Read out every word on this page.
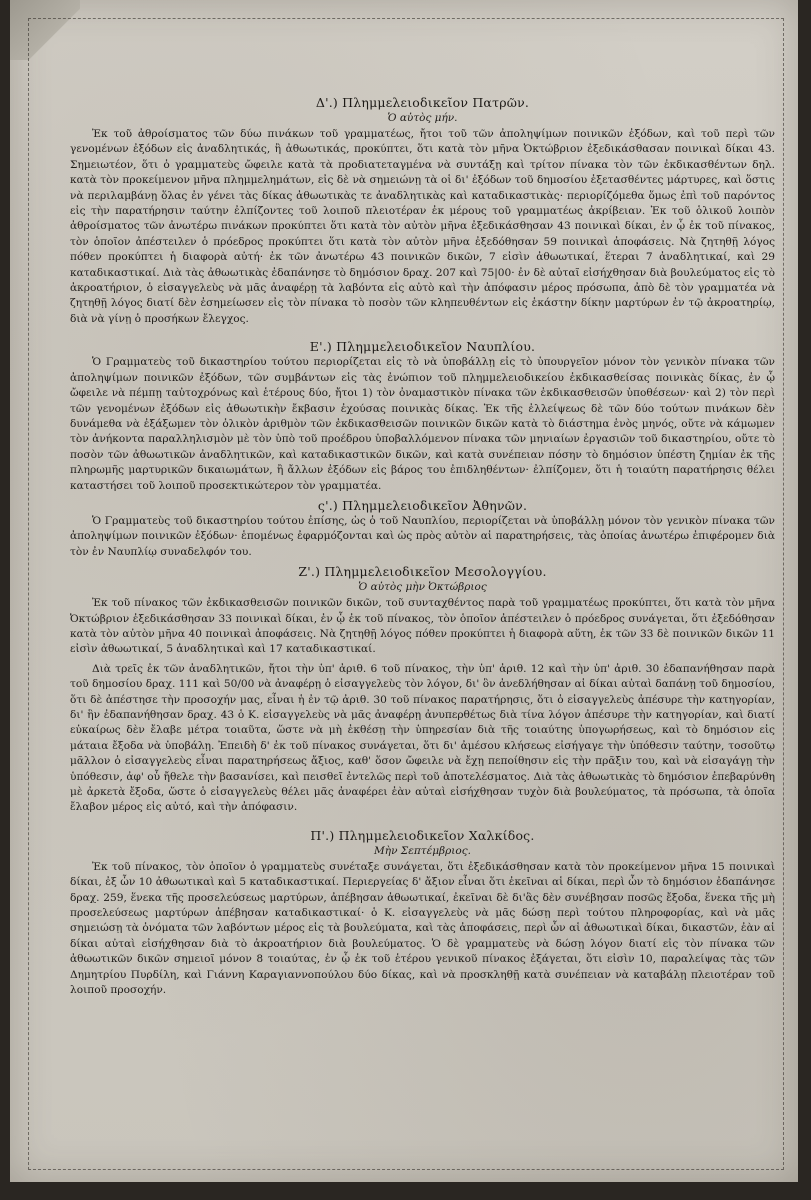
Δ'.) Πλημμελειοδικεῖον Πατρῶν.

Ὁ αὐτὸς μήν.

Ἐκ τοῦ ἀθροίσματος τῶν δύω πινάκων τοῦ γραμματέως, ἤτοι τοῦ τῶν ἀποληψίμων ποινικῶν ἐξόδων, καὶ τοῦ περὶ τῶν γενομένων ἐξόδων εἰς ἀναδλητικάς, ἢ ἀθωωτικάς, προκύπτει, ὅτι κατὰ τὸν μῆνα Ὀκτώβριον ἐξεδικάσθασαν ποινικαὶ δίκαι 43. Σημειωτέον, ὅτι ὁ γραμματεὺς ὤφειλε κατὰ τὰ προδιατεταγμένα νὰ συντάξῃ καὶ τρίτον πίνακα τὸν τῶν ἐκδικασθέντων δηλ. κατὰ τὸν προκείμενον μῆνα πλημμελημάτων, εἰς δὲ νὰ σημειώνῃ τὰ οἱ δι' ἐξόδων τοῦ δημοσίου ἐξετασθέντες μάρτυρες, καὶ ὅστις νὰ περιλαμβάνῃ ὅλας ἐν γένει τὰς δίκας ἀθωωτικὰς τε ἀναδλητικὰς καὶ καταδικαστικὰς· περιορίζόμεθα ὅμως ἐπὶ τοῦ παρόντος εἰς τὴν παρατήρησιν ταύτην ἐλπίζοντες τοῦ λοιποῦ πλειοτέραν ἐκ μέρους τοῦ γραμματέως ἀκρίβειαν. Ἐκ τοῦ ὁλικοῦ λοιπὸν ἀθροίσματος τῶν ἀνωτέρω πινάκων προκύπτει ὅτι κατὰ τὸν αὐτὸν μῆνα ἐξεδικάσθησαν 43 ποινικαὶ δίκαι, ἐν ᾧ ἐκ τοῦ πίνακος, τὸν ὁποῖον ἀπέστειλεν ὁ πρόεδρος προκύπτει ὅτι κατὰ τὸν αὐτὸν μῆνα ἐξεδόθησαν 59 ποινικαὶ ἀποφάσεις. Νὰ ζητηθῇ λόγος πόθεν προκύπτει ἡ διαφορὰ αὐτή· ἐκ τῶν ἀνωτέρω 43 ποινικῶν δικῶν, 7 εἰσὶν ἀθωωτικαί, ἕτεραι 7 ἀναδλητικαί, καὶ 29 καταδικαστικαί. Διὰ τὰς ἀθωωτικὰς ἐδαπάνησε τὸ δημόσιον δραχ. 207 καὶ 75|00· ἐν δὲ αὐταῖ εἰσήχθησαν διὰ βουλεύματος εἰς τὸ ἀκροατήριον, ὁ εἰσαγγελεὺς νὰ μᾶς ἀναφέρῃ τὰ λαβόντα εἰς αὐτὸ καὶ τὴν ἀπόφασιν μέρος πρόσωπα, ἀπὸ δὲ τὸν γραμματέα νὰ ζητηθῇ λόγος διατί δὲν ἐσημείωσεν εἰς τὸν πίνακα τὸ ποσὸν τῶν κληπευθέντων εἰς ἑκάστην δίκην μαρτύρων ἐν τῷ ἀκροατηρίῳ, διὰ νὰ γίνῃ ὁ προσήκων ἔλεγχος.

Ε'.) Πλημμελειοδικεῖον Ναυπλίου.

Ὁ Γραμματεὺς τοῦ δικαστηρίου τούτου περιορίζεται εἰς τὸ νὰ ὑποβάλλῃ εἰς τὸ ὑπουργεῖον μόνον τὸν γενικὸν πίνακα τῶν ἀποληψίμων ποινικῶν ἐξόδων, τῶν συμβάντων εἰς τὰς ἐνώπιον τοῦ πλημμελειοδικείου ἐκδικασθείσας ποινικὰς δίκας, ἐν ᾧ ὤφειλε νὰ πέμπῃ ταὐτοχρόνως καὶ ἑτέρους δύο, ἤτοι 1) τὸν ὀναμαστικὸν πίνακα τῶν ἐκδικασθεισῶν ὑποθέσεων· καὶ 2) τὸν περὶ τῶν γενομένων ἐξόδων εἰς ἀθωωτικὴν ἔκβασιν ἐχούσας ποινικὰς δίκας. Ἐκ τῆς ἐλλείψεως δὲ τῶν δύο τούτων πινάκων δὲν δυνάμεθα νὰ ἐξάξωμεν τὸν ὁλικὸν ἀριθμὸν τῶν ἐκδικασθεισῶν ποινικῶν δικῶν κατὰ τὸ διάστημα ἑνὸς μηνός, οὔτε νὰ κάμωμεν τὸν ἀνήκοντα παραλληλισμὸν μὲ τὸν ὑπὸ τοῦ προέδρου ὑποβαλλόμενον πίνακα τῶν μηνιαίων ἐργασιῶν τοῦ δικαστηρίου, οὔτε τὸ ποσὸν τῶν ἀθωωτικῶν ἀναδλητικῶν, καὶ καταδικαστικῶν δικῶν, καὶ κατὰ συνέπειαν πόσην τὸ δημόσιον ὑπέστη ζημίαν ἐκ τῆς πληρωμῆς μαρτυρικῶν δικαιωμάτων, ἢ ἄλλων ἐξόδων εἰς βάρος του ἐπιδληθέντων· ἐλπίζομεν, ὅτι ἡ τοιαύτη παρατήρησις θέλει καταστήσει τοῦ λοιποῦ προσεκτικώτερον τὸν γραμματέα.

ς'.) Πλημμελειοδικεῖον Ἀθηνῶν.

Ὁ Γραμματεὺς τοῦ δικαστηρίου τούτου ἐπίσης, ὡς ὁ τοῦ Ναυπλίου, περιορίζεται νὰ ὑποβάλλῃ μόνον τὸν γενικὸν πίνακα τῶν ἀποληψίμων ποινικῶν ἐξόδων· ἑπομένως ἐφαρμόζονται καὶ ὡς πρὸς αὐτὸν αἱ παρατηρήσεις, τὰς ὁποίας ἀνωτέρω ἐπιφέρομεν διὰ τὸν ἐν Ναυπλίῳ συναδελφόν του.

Ζ'.) Πλημμελειοδικεῖον Μεσολογγίου.

Ὁ αὐτὸς μὴν Ὀκτώβριος

Ἐκ τοῦ πίνακος τῶν ἐκδικασθεισῶν ποινικῶν δικῶν, τοῦ συνταχθέντος παρὰ τοῦ γραμματέως προκύπτει, ὅτι κατὰ τὸν μῆνα Ὀκτώβριον ἐξεδικάσθησαν 33 ποινικαὶ δίκαι, ἐν ᾧ ἐκ τοῦ πίνακος, τὸν ὁποῖον ἀπέστειλεν ὁ πρόεδρος συνάγεται, ὅτι ἐξεδόθησαν κατὰ τὸν αὐτὸν μῆνα 40 ποινικαὶ ἀποφάσεις. Νὰ ζητηθῇ λόγος πόθεν προκύπτει ἡ διαφορὰ αὕτη, ἐκ τῶν 33 δὲ ποινικῶν δικῶν 11 εἰσὶν ἀθωωτικαί, 5 ἀναδλητικαὶ καὶ 17 καταδικαστικαί.

Διὰ τρεῖς ἐκ τῶν ἀναδλητικῶν, ἤτοι τὴν ὑπ' ἀριθ. 6 τοῦ πίνακος, τὴν ὑπ' ἀριθ. 12 καὶ τὴν ὑπ' ἀριθ. 30 ἐδαπανήθησαν παρὰ τοῦ δημοσίου δραχ. 111 καὶ 50/00 νὰ ἀναφέρῃ ὁ εἰσαγγελεὺς τὸν λόγον, δι' ὃν ἀνεδλήθησαν αἱ δίκαι αὐταὶ δαπάνῃ τοῦ δημοσίου, ὅτι δὲ ἀπέστησε τὴν προσοχήν μας, εἶναι ἡ ἐν τῷ ἀριθ. 30 τοῦ πίνακος παρατήρησις, ὅτι ὁ εἰσαγγελεὺς ἀπέσυρε τὴν κατηγορίαν, δι' ἣν ἐδαπανήθησαν δραχ. 43 ὁ Κ. εἰσαγγελεὺς νὰ μᾶς ἀναφέρῃ ἀνυπερθέτως διὰ τίνα λόγον ἀπέσυρε τὴν κατηγορίαν, καὶ διατί εὐκαίρως δὲν ἔλαβε μέτρα τοιαῦτα, ὥστε νὰ μὴ ἐκθέσῃ τὴν ὑπηρεσίαν διὰ τῆς τοιαύτης ὑπογωρήσεως, καὶ τὸ δημόσιον εἰς μάταια ἔξοδα νὰ ὑποβάλῃ. Ἐπειδὴ δ' ἐκ τοῦ πίνακος συνάγεται, ὅτι δι' ἀμέσου κλήσεως εἰσήγαγε τὴν ὑπόθεσιν ταύτην, τοσοῦτῳ μᾶλλον ὁ εἰσαγγελεὺς εἶναι παρατηρήσεως ἄξιος, καθ' ὅσον ὤφειλε νὰ ἔχῃ πεποίθησιν εἰς τὴν πρᾶξιν του, καὶ νὰ εἰσαγάγῃ τὴν ὑπόθεσιν, ἀφ' οὗ ἤθελε τὴν βασανίσει, καὶ πεισθεῖ ἐντελῶς περὶ τοῦ ἀποτελέσματος. Διὰ τὰς ἀθωωτικὰς τὸ δημόσιον ἐπεβαρύνθη μὲ ἀρκετὰ ἔξοδα, ὥστε ὁ εἰσαγγελεὺς θέλει μᾶς ἀναφέρει ἐὰν αὐταὶ εἰσήχθησαν τυχὸν διὰ βουλεύματος, τὰ πρόσωπα, τὰ ὁποῖα ἔλαβον μέρος εἰς αὐτό, καὶ τὴν ἀπόφασιν.

Π'.) Πλημμελειοδικεῖον Χαλκίδος.

Μὴν Σεπτέμβριος.

Ἐκ τοῦ πίνακος, τὸν ὁποῖον ὁ γραμματεὺς συνέταξε συνάγεται, ὅτι ἐξεδικάσθησαν κατὰ τὸν προκείμενον μῆνα 15 ποινικαὶ δίκαι, ἐξ ὧν 10 ἀθωωτικαὶ καὶ 5 καταδικαστικαί. Περιεργείας δ' ἄξιον εἶναι ὅτι ἐκεῖναι αἱ δίκαι, περὶ ὧν τὸ δημόσιον ἐδαπάνησε δραχ. 259, ἕνεκα τῆς προσελεύσεως μαρτύρων, ἀπέβησαν ἀθωωτικαί, ἐκεῖναι δὲ δι'ἃς δὲν συνέβησαν ποσῶς ἔξοδα, ἕνεκα τῆς μὴ προσελεύσεως μαρτύρων ἀπέβησαν καταδικαστικαί· ὁ Κ. εἰσαγγελεὺς νὰ μᾶς δώσῃ περὶ τούτου πληροφορίας, καὶ νὰ μᾶς σημειώσῃ τὰ ὀνόματα τῶν λαβόντων μέρος εἰς τὰ βουλεύματα, καὶ τὰς ἀποφάσεις, περὶ ὧν αἱ ἀθωωτικαὶ δίκαι, δικαστῶν, ἐὰν αἱ δίκαι αὐταὶ εἰσήχθησαν διὰ τὸ ἀκροατήριον διὰ βουλεύματος. Ὁ δὲ γραμματεὺς νὰ δώσῃ λόγον διατί εἰς τὸν πίνακα τῶν ἀθωωτικῶν δικῶν σημειοῖ μόνον 8 τοιαύτας, ἐν ᾧ ἐκ τοῦ ἑτέρου γενικοῦ πίνακος ἐξάγεται, ὅτι εἰσὶν 10, παραλείψας τὰς τῶν Δημητρίου Πυρδίλη, καὶ Γιάννη Καραγιαννοπούλου δύο δίκας, καὶ νὰ προσκληθῇ κατὰ συνέπειαν νὰ καταβάλῃ πλειοτέραν τοῦ λοιποῦ προσοχήν.
